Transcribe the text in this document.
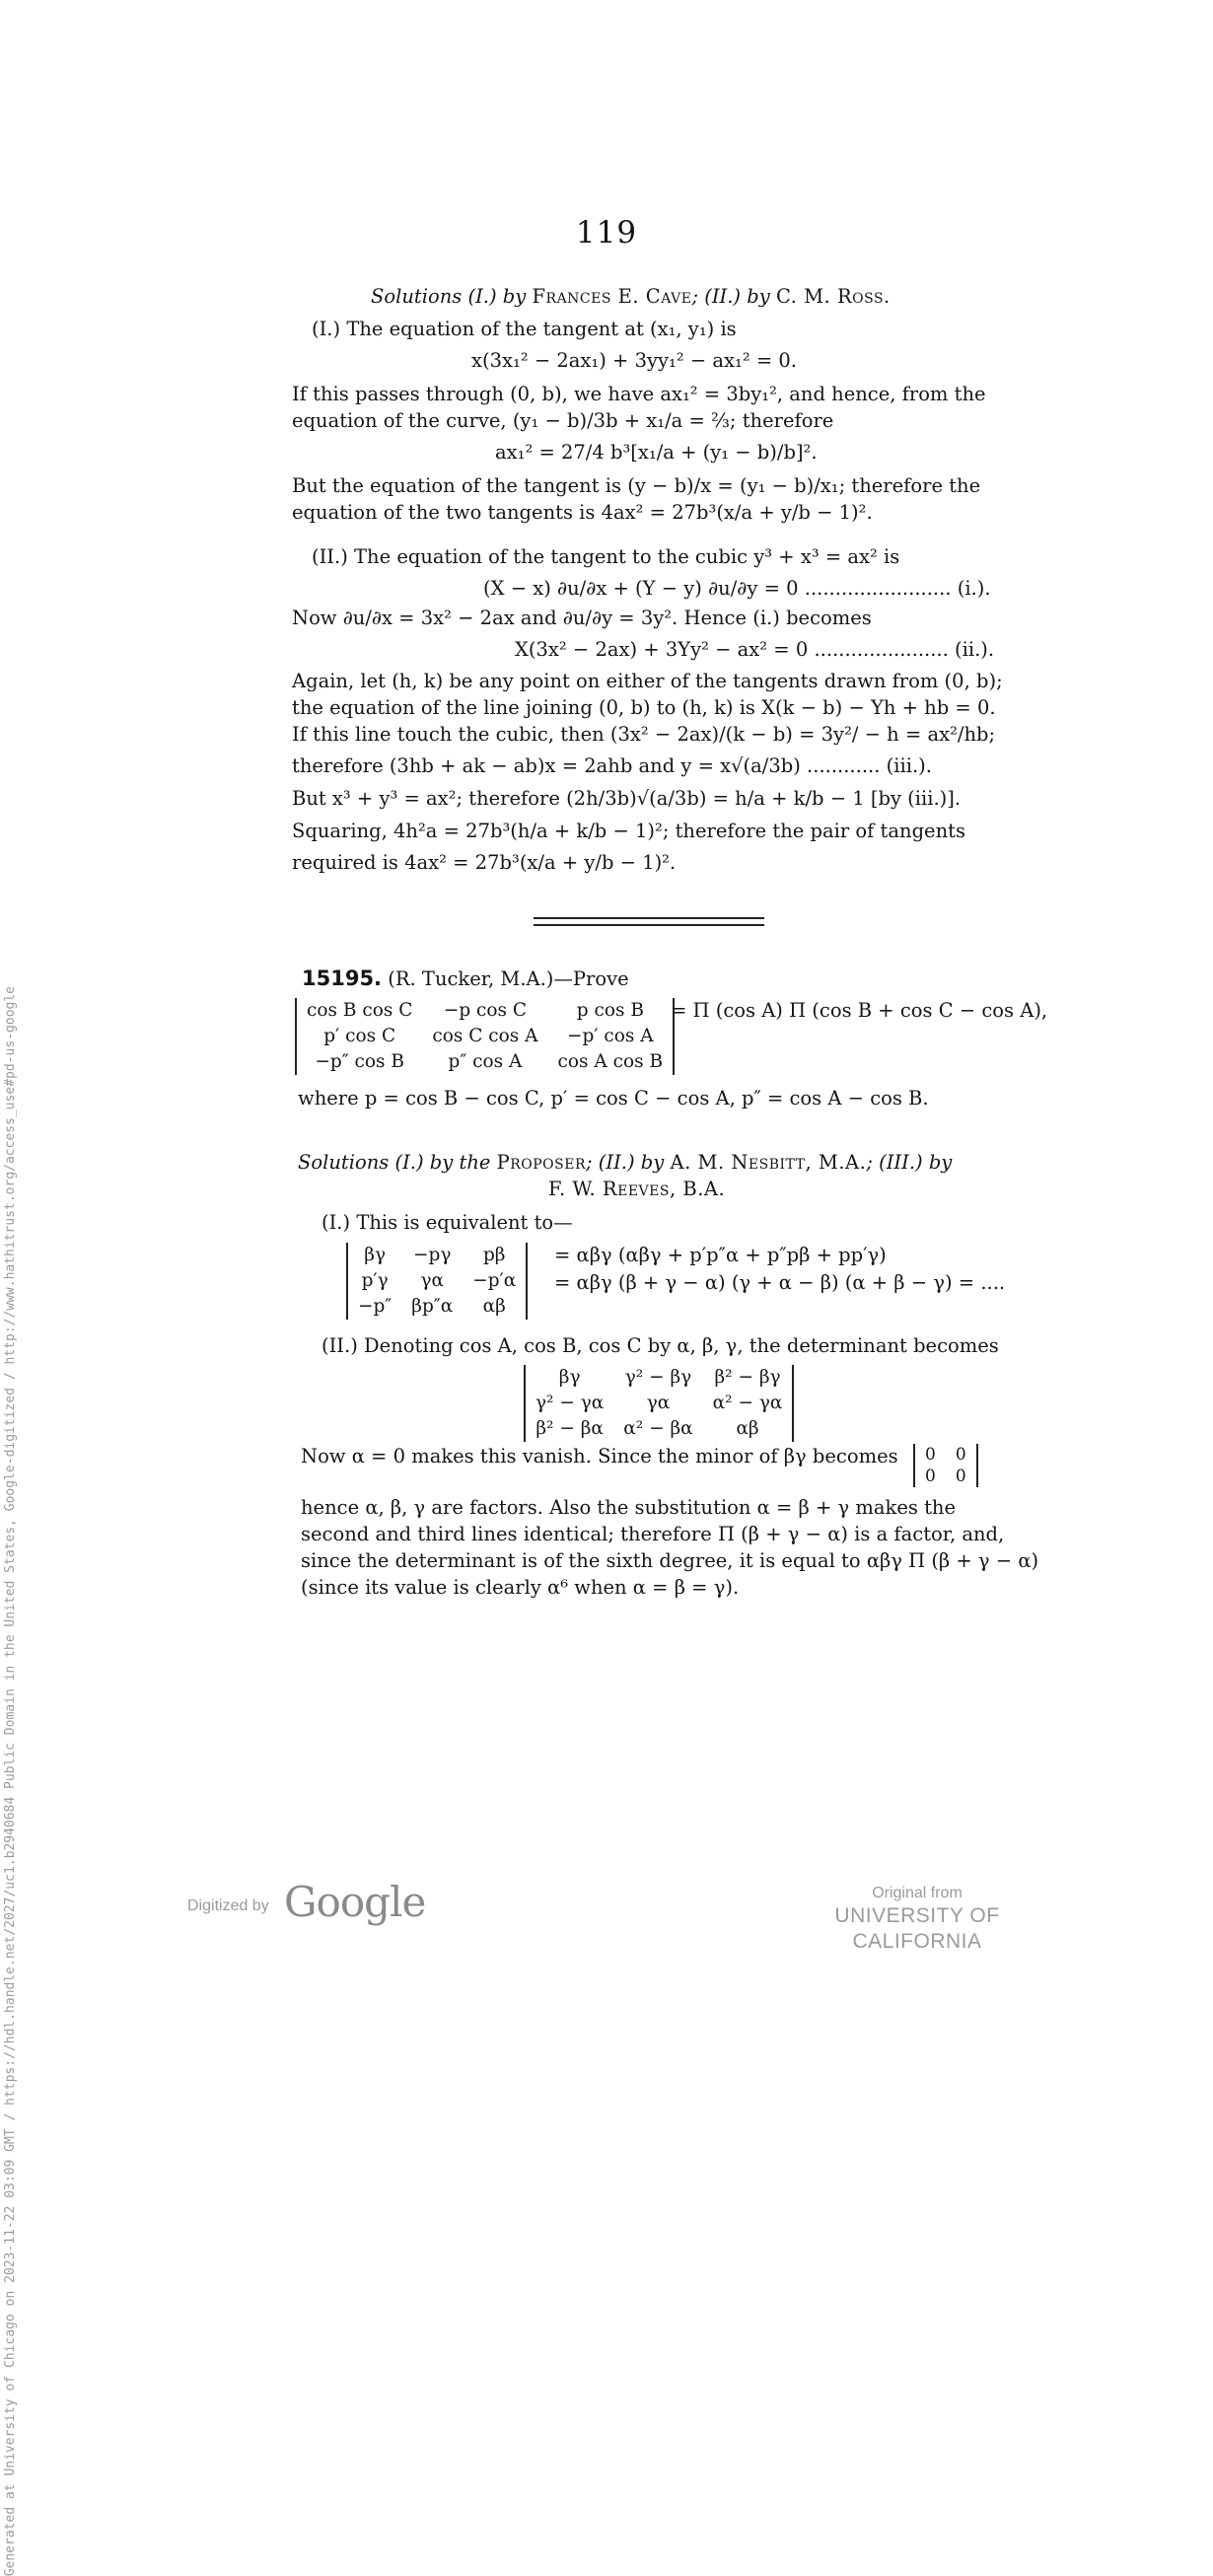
Generated at University of Chicago on 2023-11-22 03:09 GMT / https://hdl.handle.net/2027/uc1.b2940684 Public Domain in the United States, Google-digitized / http://www.hathitrust.org/access_use#pd-us-google
119
Solutions (I.) by Frances E. Cave; (II.) by C. M. Ross.
(I.) The equation of the tangent at (x₁, y₁) is
x(3x₁² − 2ax₁) + 3yy₁² − ax₁² = 0.
If this passes through (0, b), we have ax₁² = 3by₁², and hence, from the
equation of the curve, (y₁ − b)/3b + x₁/a = ⅔; therefore
ax₁² = 27/4 b³[x₁/a + (y₁ − b)/b]².
But the equation of the tangent is (y − b)/x = (y₁ − b)/x₁; therefore the
equation of the two tangents is 4ax² = 27b³(x/a + y/b − 1)².
(II.) The equation of the tangent to the cubic y³ + x³ = ax² is
(X − x) ∂u/∂x + (Y − y) ∂u/∂y = 0 ........................ (i.).
Now ∂u/∂x = 3x² − 2ax and ∂u/∂y = 3y². Hence (i.) becomes
X(3x² − 2ax) + 3Yy² − ax² = 0 ...................... (ii.).
Again, let (h, k) be any point on either of the tangents drawn from (0, b);
the equation of the line joining (0, b) to (h, k) is X(k − b) − Yh + hb = 0.
If this line touch the cubic, then (3x² − 2ax)/(k − b) = 3y²/ − h = ax²/hb;
therefore (3hb + ak − ab)x = 2ahb and y = x√(a/3b) ............ (iii.).
But x³ + y³ = ax²; therefore (2h/3b)√(a/3b) = h/a + k/b − 1 [by (iii.)].
Squaring, 4h²a = 27b³(h/a + k/b − 1)²; therefore the pair of tangents
required is 4ax² = 27b³(x/a + y/b − 1)².
15195. (R. Tucker, M.A.)—Prove
cos B cos C	−p cos C	p cos B
p′ cos C	cos C cos A	−p′ cos A
−p″ cos B	p″ cos A	cos A cos B
= Π (cos A) Π (cos B + cos C − cos A),
where p = cos B − cos C, p′ = cos C − cos A, p″ = cos A − cos B.
Solutions (I.) by the Proposer; (II.) by A. M. Nesbitt, M.A.; (III.) by
F. W. Reeves, B.A.
(I.) This is equivalent to—
βγ	−pγ	pβ
p′γ	γα	−p′α
−p″	βp″α	αβ
= αβγ (αβγ + p′p″α + p″pβ + pp′γ)
= αβγ (β + γ − α) (γ + α − β) (α + β − γ) = ....
(II.) Denoting cos A, cos B, cos C by α, β, γ, the determinant becomes
βγ	γ² − βγ	β² − βγ
γ² − γα	γα	α² − γα
β² − βα	α² − βα	αβ
Now α = 0 makes this vanish. Since the minor of βγ becomes 0	0
0	0
hence α, β, γ are factors. Also the substitution α = β + γ makes the
second and third lines identical; therefore Π (β + γ − α) is a factor, and,
since the determinant is of the sixth degree, it is equal to αβγ Π (β + γ − α)
(since its value is clearly α⁶ when α = β = γ).
Digitized by Google	Original from
UNIVERSITY OF CALIFORNIA
